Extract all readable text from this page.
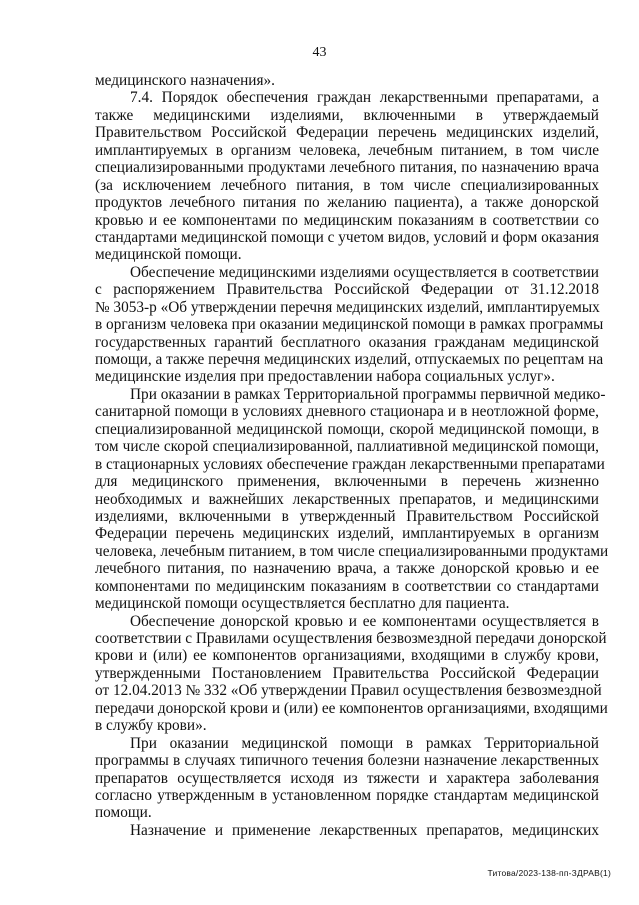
43
медицинского назначения».
7.4. Порядок обеспечения граждан лекарственными препаратами, а
также медицинскими изделиями, включенными в утверждаемый
Правительством Российской Федерации перечень медицинских изделий,
имплантируемых в организм человека, лечебным питанием, в том числе
специализированными продуктами лечебного питания, по назначению врача
(за исключением лечебного питания, в том числе специализированных
продуктов лечебного питания по желанию пациента), а также донорской
кровью и ее компонентами по медицинским показаниям в соответствии со
стандартами медицинской помощи с учетом видов, условий и форм оказания
медицинской помощи.
Обеспечение медицинскими изделиями осуществляется в соответствии
с распоряжением Правительства Российской Федерации от 31.12.2018
№ 3053-р «Об утверждении перечня медицинских изделий, имплантируемых
в организм человека при оказании медицинской помощи в рамках программы
государственных гарантий бесплатного оказания гражданам медицинской
помощи, а также перечня медицинских изделий, отпускаемых по рецептам на
медицинские изделия при предоставлении набора социальных услуг».
При оказании в рамках Территориальной программы первичной медико-
санитарной помощи в условиях дневного стационара и в неотложной форме,
специализированной медицинской помощи, скорой медицинской помощи, в
том числе скорой специализированной, паллиативной медицинской помощи,
в стационарных условиях обеспечение граждан лекарственными препаратами
для медицинского применения, включенными в перечень жизненно
необходимых и важнейших лекарственных препаратов, и медицинскими
изделиями, включенными в утвержденный Правительством Российской
Федерации перечень медицинских изделий, имплантируемых в организм
человека, лечебным питанием, в том числе специализированными продуктами
лечебного питания, по назначению врача, а также донорской кровью и ее
компонентами по медицинским показаниям в соответствии со стандартами
медицинской помощи осуществляется бесплатно для пациента.
Обеспечение донорской кровью и ее компонентами осуществляется в
соответствии с Правилами осуществления безвозмездной передачи донорской
крови и (или) ее компонентов организациями, входящими в службу крови,
утвержденными Постановлением Правительства Российской Федерации
от 12.04.2013 № 332 «Об утверждении Правил осуществления безвозмездной
передачи донорской крови и (или) ее компонентов организациями, входящими
в службу крови».
При оказании медицинской помощи в рамках Территориальной
программы в случаях типичного течения болезни назначение лекарственных
препаратов осуществляется исходя из тяжести и характера заболевания
согласно утвержденным в установленном порядке стандартам медицинской
помощи.
Назначение и применение лекарственных препаратов, медицинских
Титова/2023-138-пп-ЗДРАВ(1)
